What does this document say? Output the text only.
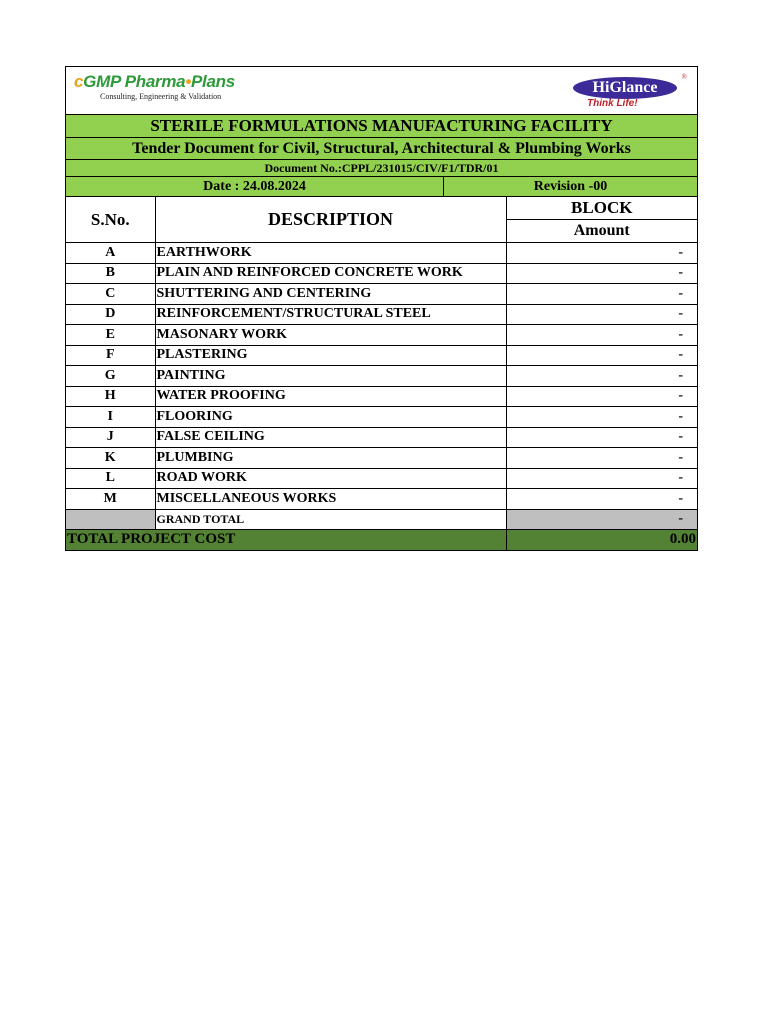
cGMP Pharma•Plans
Consulting, Engineering & Validation
HiGlance
®
Think Life!
STERILE FORMULATIONS MANUFACTURING FACILITY
Tender Document for Civil, Structural, Architectural & Plumbing Works
Document No.:CPPL/231015/CIV/F1/TDR/01
Date : 24.08.2024	Revision -00
S.No.	DESCRIPTION	BLOCK
		Amount
A	EARTHWORK	-
B	PLAIN AND REINFORCED CONCRETE WORK	-
C	SHUTTERING AND CENTERING	-
D	REINFORCEMENT/STRUCTURAL STEEL	-
E	MASONARY WORK	-
F	PLASTERING	-
G	PAINTING	-
H	WATER PROOFING	-
I	FLOORING	-
J	FALSE CEILING	-
K	PLUMBING	-
L	ROAD WORK	-
M	MISCELLANEOUS WORKS	-
	GRAND TOTAL	-
TOTAL PROJECT COST		0.00
